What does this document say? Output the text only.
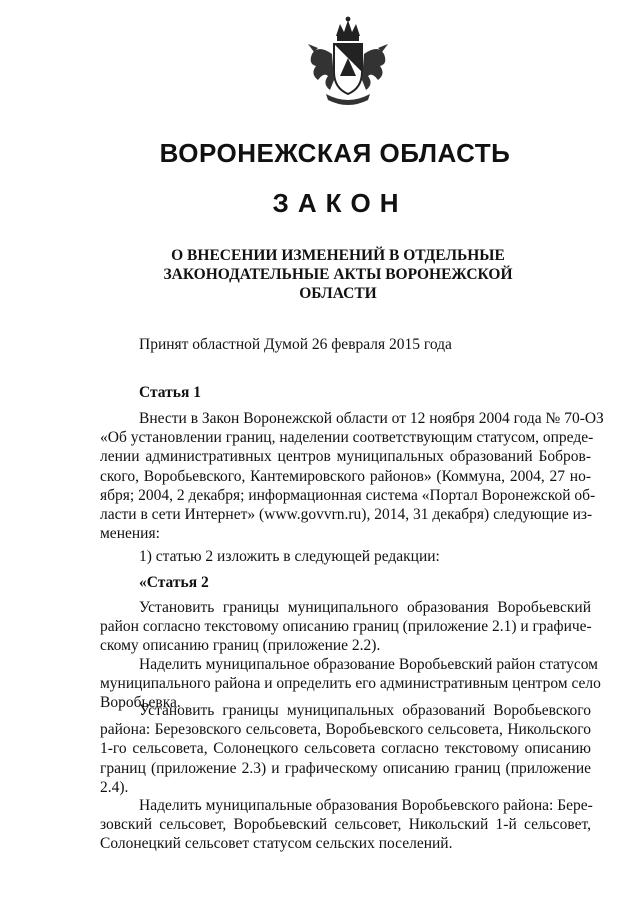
ВОРОНЕЖСКАЯ ОБЛАСТЬ
ЗАКОН
О ВНЕСЕНИИ ИЗМЕНЕНИЙ В ОТДЕЛЬНЫЕ
ЗАКОНОДАТЕЛЬНЫЕ АКТЫ ВОРОНЕЖСКОЙ
ОБЛАСТИ

Принят областной Думой 26 февраля 2015 года

Статья 1

Внести в Закон Воронежской области от 12 ноября 2004 года № 70-ОЗ
«Об установлении границ, наделении соответствующим статусом, опреде-
лении административных центров муниципальных образований Бобров-
ского, Воробьевского, Кантемировского районов» (Коммуна, 2004, 27 но-
ября; 2004, 2 декабря; информационная система «Портал Воронежской об-
ласти в сети Интернет» (www.govvrn.ru), 2014, 31 декабря) следующие из-
менения:

1) статью 2 изложить в следующей редакции:

«Статья 2

Установить границы муниципального образования Воробьевский
район согласно текстовому описанию границ (приложение 2.1) и графиче-
скому описанию границ (приложение 2.2).
Наделить муниципальное образование Воробьевский район статусом
муниципального района и определить его административным центром село
Воробьевка.
Установить границы муниципальных образований Воробьевского
района: Березовского сельсовета, Воробьевского сельсовета, Никольского
1-го сельсовета, Солонецкого сельсовета согласно текстовому описанию
границ (приложение 2.3) и графическому описанию границ (приложение
2.4).
Наделить муниципальные образования Воробьевского района: Бере-
зовский сельсовет, Воробьевский сельсовет, Никольский 1-й сельсовет,
Солонецкий сельсовет статусом сельских поселений.
